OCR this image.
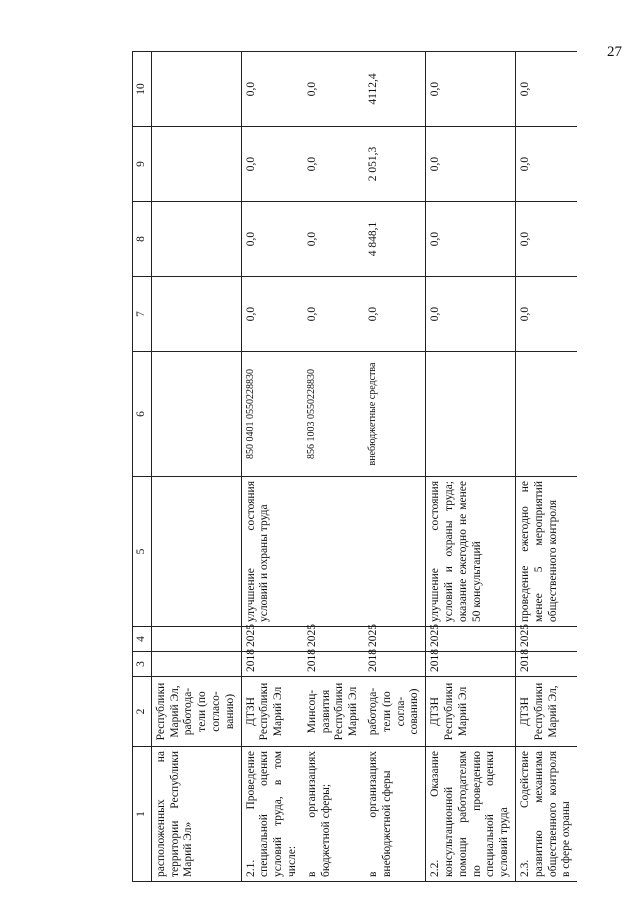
27
1	2	3	4	5	6	7	8	9	10
расположенных на территории Республики Марий Эл»	Республики Марий Эл, работода-тели (по согласо-ванию)								
2.1. Проведение специальной оценки условий труда, в том числе:	ДТЗН Республики Марий Эл	2018	2025	улучшение состояния условий и охраны труда	850 0401 0550228830	0,0	0,0	0,0	0,0
в организациях бюджетной сферы;	Минсоц-развития Республики Марий Эл	2018	2025		856 1003 0550228830	0,0	0,0	0,0	0,0
в организациях внебюджетной сферы	работода-тели (по согла-сованию)	2018	2025		внебюджетные средства	0,0	4 848,1	2 051,3	4112,4
2.2. Оказание консультационной помощи работодателям по проведению специальной оценки условий труда	ДТЗН Республики Марий Эл	2018	2025	улучшение состояния условий и охраны труда; оказание ежегодно не менее 50 консультаций		0,0	0,0	0,0	0,0
2.3. Содействие развитию механизма общественного контроля в сфере охраны	ДТЗН Республики Марий Эл,	2018	2025	проведение ежегодно не менее 5 мероприятий общественного контроля		0,0	0,0	0,0	0,0
